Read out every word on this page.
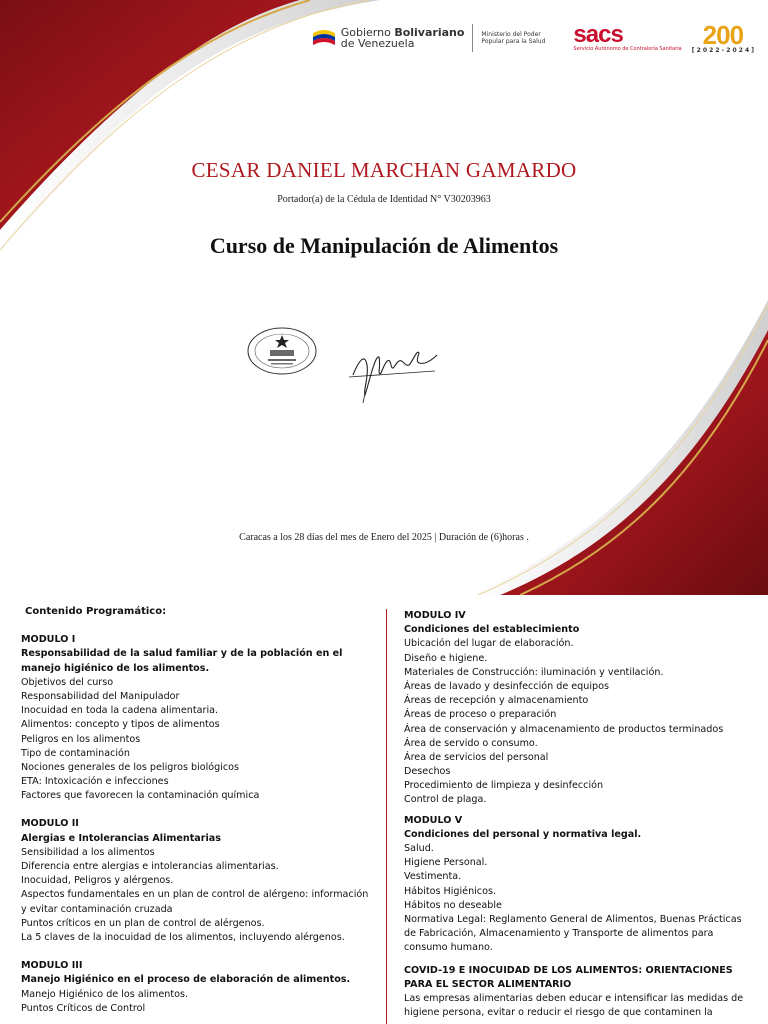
Gobierno Bolivariano
de Venezuela
Ministerio del Poder Popular para la Salud	sacs
Servicio Autónomo de Contraloría Sanitaria 200
[ 2 0 2 2 - 2 0 2 4 ]
CESAR DANIEL MARCHAN GAMARDO
Portador(a) de la Cédula de Identidad N° V30203963
Curso de Manipulación de Alimentos
Caracas a los 28 días del mes de Enero del 2025 | Duración de (6)horas .
Contenido Programático:
MODULO I
Responsabilidad de la salud familiar y de la población en el manejo higiénico de los alimentos.
Objetivos del curso
Responsabilidad del Manipulador
Inocuidad en toda la cadena alimentaria.
Alimentos: concepto y tipos de alimentos
Peligros en los alimentos
Tipo de contaminación
Nociones generales de los peligros biológicos
ETA: Intoxicación e infecciones
Factores que favorecen la contaminación química
MODULO II
Alergias e Intolerancias Alimentarias
Sensibilidad a los alimentos
Diferencia entre alergias e intolerancias alimentarias.
Inocuidad, Peligros y alérgenos.
Aspectos fundamentales en un plan de control de alérgeno: información y evitar contaminación cruzada
Puntos críticos en un plan de control de alérgenos.
La 5 claves de la inocuidad de los alimentos, incluyendo alérgenos.
MODULO III
Manejo Higiénico en el proceso de elaboración de alimentos.
Manejo Higiénico de los alimentos.
Puntos Críticos de Control
MODULO IV
Condiciones del establecimiento
Ubicación del lugar de elaboración.
Diseño e higiene.
Materiales de Construcción: iluminación y ventilación.
Áreas de lavado y desinfección de equipos
Áreas de recepción y almacenamiento
Áreas de proceso o preparación
Área de conservación y almacenamiento de productos terminados
Área de servido o consumo.
Área de servicios del personal
Desechos
Procedimiento de limpieza y desinfección
Control de plaga.
MODULO V
Condiciones del personal y normativa legal.
Salud.
Higiene Personal.
Vestimenta.
Hábitos Higiénicos.
Hábitos no deseable
Normativa Legal: Reglamento General de Alimentos, Buenas Prácticas de Fabricación, Almacenamiento y Transporte de alimentos para consumo humano.
COVID-19 E INOCUIDAD DE LOS ALIMENTOS: ORIENTACIONES PARA EL SECTOR ALIMENTARIO
Las empresas alimentarias deben educar e intensificar las medidas de higiene persona, evitar o reducir el riesgo de que contaminen la
